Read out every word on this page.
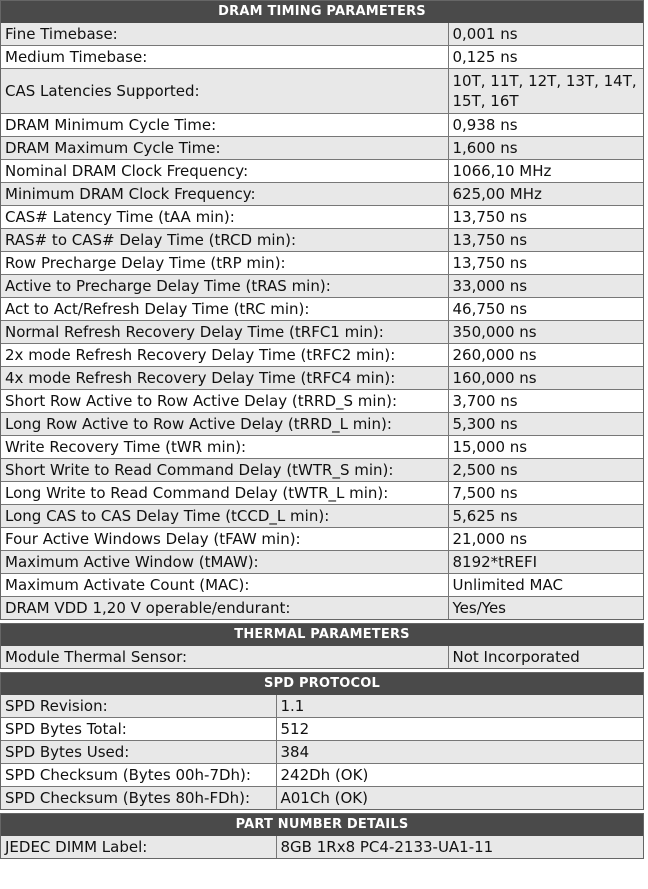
DRAM TIMING PARAMETERS
Fine Timebase:	0,001 ns
Medium Timebase:	0,125 ns
CAS Latencies Supported:	10T, 11T, 12T, 13T, 14T, 15T, 16T
DRAM Minimum Cycle Time:	0,938 ns
DRAM Maximum Cycle Time:	1,600 ns
Nominal DRAM Clock Frequency:	1066,10 MHz
Minimum DRAM Clock Frequency:	625,00 MHz
CAS# Latency Time (tAA min):	13,750 ns
RAS# to CAS# Delay Time (tRCD min):	13,750 ns
Row Precharge Delay Time (tRP min):	13,750 ns
Active to Precharge Delay Time (tRAS min):	33,000 ns
Act to Act/Refresh Delay Time (tRC min):	46,750 ns
Normal Refresh Recovery Delay Time (tRFC1 min):	350,000 ns
2x mode Refresh Recovery Delay Time (tRFC2 min):	260,000 ns
4x mode Refresh Recovery Delay Time (tRFC4 min):	160,000 ns
Short Row Active to Row Active Delay (tRRD_S min):	3,700 ns
Long Row Active to Row Active Delay (tRRD_L min):	5,300 ns
Write Recovery Time (tWR min):	15,000 ns
Short Write to Read Command Delay (tWTR_S min):	2,500 ns
Long Write to Read Command Delay (tWTR_L min):	7,500 ns
Long CAS to CAS Delay Time (tCCD_L min):	5,625 ns
Four Active Windows Delay (tFAW min):	21,000 ns
Maximum Active Window (tMAW):	8192*tREFI
Maximum Activate Count (MAC):	Unlimited MAC
DRAM VDD 1,20 V operable/endurant:	Yes/Yes
THERMAL PARAMETERS
Module Thermal Sensor:	Not Incorporated
SPD PROTOCOL
SPD Revision:	1.1
SPD Bytes Total:	512
SPD Bytes Used:	384
SPD Checksum (Bytes 00h-7Dh):	242Dh (OK)
SPD Checksum (Bytes 80h-FDh):	A01Ch (OK)
PART NUMBER DETAILS
JEDEC DIMM Label:	8GB 1Rx8 PC4-2133-UA1-11
